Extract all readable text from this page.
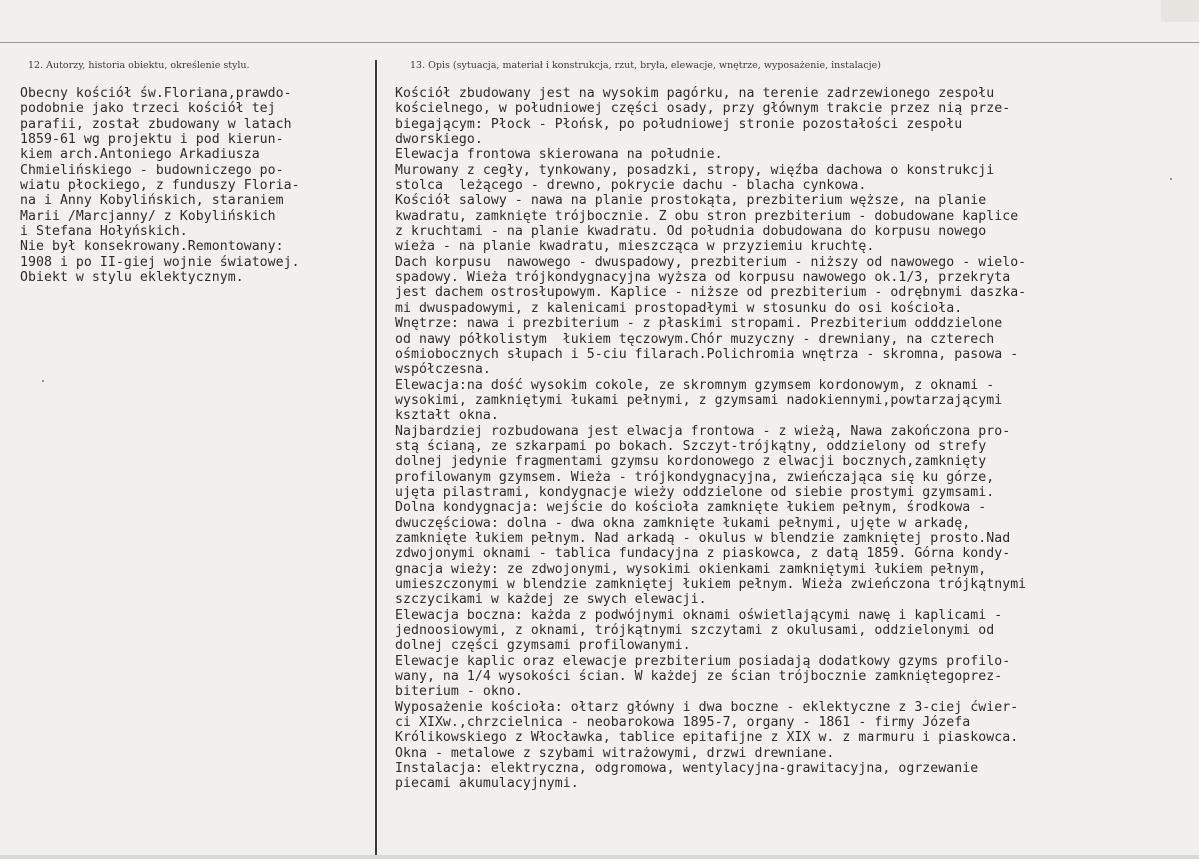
12. Autorzy, historia obiektu, określenie stylu.	13. Opis (sytuacja, materiał i konstrukcja, rzut, bryła, elewacje, wnętrze, wyposażenie, instalacje)
Obecny kościół św.Floriana,prawdo-
podobnie jako trzeci kościół tej
parafii, został zbudowany w latach
1859-61 wg projektu i pod kierun-
kiem arch.Antoniego Arkadiusza
Chmielińskiego - budowniczego po-
wiatu płockiego, z funduszy Floria-
na i Anny Kobylińskich, staraniem
Marii /Marcjanny/ z Kobylińskich
i Stefana Hołyńskich.
Nie był konsekrowany.Remontowany:
1908 i po II-giej wojnie światowej.
Obiekt w stylu eklektycznym.
Kościół zbudowany jest na wysokim pagórku, na terenie zadrzewionego zespołu
kościelnego, w południowej części osady, przy głównym trakcie przez nią prze-
biegającym: Płock - Płońsk, po południowej stronie pozostałości zespołu
dworskiego.
Elewacja frontowa skierowana na południe.
Murowany z cegły, tynkowany, posadzki, stropy, więźba dachowa o konstrukcji
stolca  leżącego - drewno, pokrycie dachu - blacha cynkowa.
Kościół salowy - nawa na planie prostokąta, prezbiterium węższe, na planie
kwadratu, zamknięte trójbocznie. Z obu stron prezbiterium - dobudowane kaplice
z kruchtami - na planie kwadratu. Od południa dobudowana do korpusu nowego
wieża - na planie kwadratu, mieszcząca w przyziemiu kruchtę.
Dach korpusu  nawowego - dwuspadowy, prezbiterium - niższy od nawowego - wielo-
spadowy. Wieża trójkondygnacyjna wyższa od korpusu nawowego ok.1/3, przekryta
jest dachem ostrosłupowym. Kaplice - niższe od prezbiterium - odrębnymi daszka-
mi dwuspadowymi, z kalenicami prostopadłymi w stosunku do osi kościoła.
Wnętrze: nawa i prezbiterium - z płaskimi stropami. Prezbiterium odddzielone
od nawy półkolistym  łukiem tęczowym.Chór muzyczny - drewniany, na czterech
ośmiobocznych słupach i 5-ciu filarach.Polichromia wnętrza - skromna, pasowa -
współczesna.
Elewacja:na dość wysokim cokole, ze skromnym gzymsem kordonowym, z oknami -
wysokimi, zamkniętymi łukami pełnymi, z gzymsami nadokiennymi,powtarzającymi
kształt okna.
Najbardziej rozbudowana jest elwacja frontowa - z wieżą, Nawa zakończona pro-
stą ścianą, ze szkarpami po bokach. Szczyt-trójkątny, oddzielony od strefy
dolnej jedynie fragmentami gzymsu kordonowego z elwacji bocznych,zamknięty
profilowanym gzymsem. Wieża - trójkondygnacyjna, zwieńczająca się ku górze,
ujęta pilastrami, kondygnacje wieży oddzielone od siebie prostymi gzymsami.
Dolna kondygnacja: wejście do kościoła zamknięte łukiem pełnym, środkowa -
dwuczęściowa: dolna - dwa okna zamknięte łukami pełnymi, ujęte w arkadę,
zamknięte łukiem pełnym. Nad arkadą - okulus w blendzie zamkniętej prosto.Nad
zdwojonymi oknami - tablica fundacyjna z piaskowca, z datą 1859. Górna kondy-
gnacja wieży: ze zdwojonymi, wysokimi okienkami zamkniętymi łukiem pełnym,
umieszczonymi w blendzie zamkniętej łukiem pełnym. Wieża zwieńczona trójkątnymi
szczycikami w każdej ze swych elewacji.
Elewacja boczna: każda z podwójnymi oknami oświetlającymi nawę i kaplicami -
jednoosiowymi, z oknami, trójkątnymi szczytami z okulusami, oddzielonymi od
dolnej części gzymsami profilowanymi.
Elewacje kaplic oraz elewacje prezbiterium posiadają dodatkowy gzyms profilo-
wany, na 1/4 wysokości ścian. W każdej ze ścian trójbocznie zamkniętegoprez-
biterium - okno.
Wyposażenie kościoła: ołtarz główny i dwa boczne - eklektyczne z 3-ciej ćwier-
ci XIXw.,chrzcielnica - neobarokowa 1895-7, organy - 1861 - firmy Józefa
Królikowskiego z Włocławka, tablice epitafijne z XIX w. z marmuru i piaskowca.
Okna - metalowe z szybami witrażowymi, drzwi drewniane.
Instalacja: elektryczna, odgromowa, wentylacyjna-grawitacyjna, ogrzewanie
piecami akumulacyjnymi.
